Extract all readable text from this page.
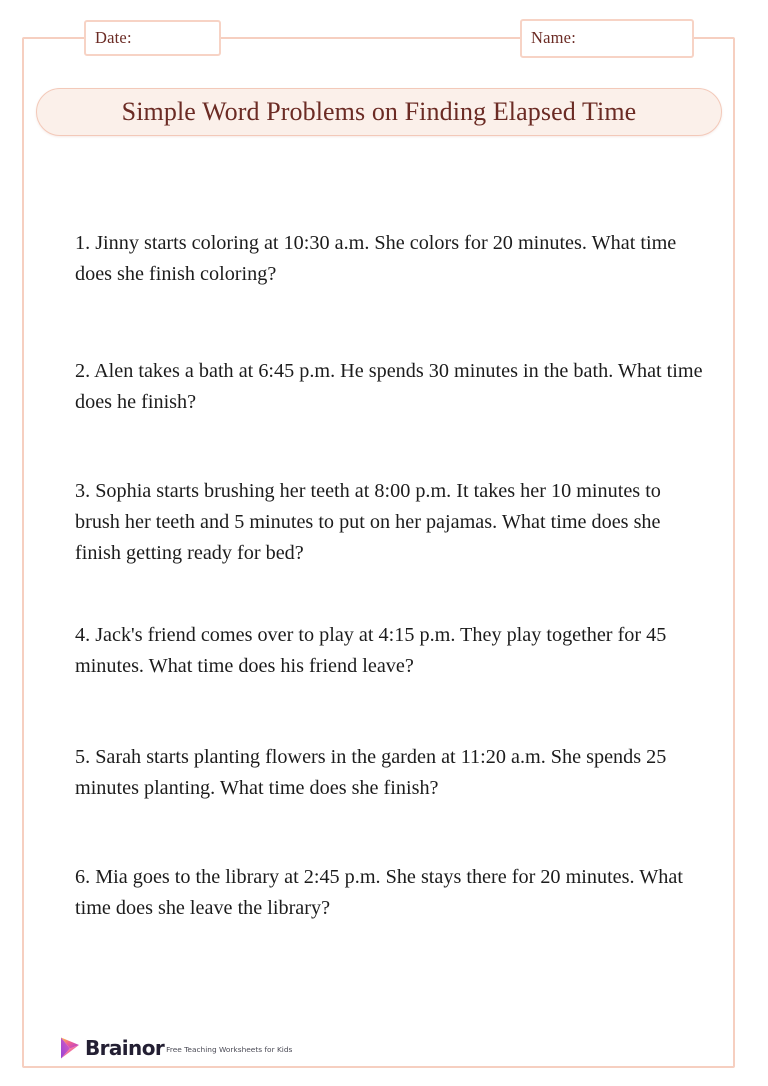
Date:	Name:
Simple Word Problems on Finding Elapsed Time

1. Jinny starts coloring at 10:30 a.m. She colors for 20 minutes. What time does she finish coloring?

2. Alen takes a bath at 6:45 p.m. He spends 30 minutes in the bath. What time does he finish?

3. Sophia starts brushing her teeth at 8:00 p.m. It takes her 10 minutes to brush her teeth and 5 minutes to put on her pajamas. What time does she finish getting ready for bed?

4. Jack's friend comes over to play at 4:15 p.m. They play together for 45 minutes. What time does his friend leave?

5. Sarah starts planting flowers in the garden at 11:20 a.m. She spends 25 minutes planting. What time does she finish?

6. Mia goes to the library at 2:45 p.m. She stays there for 20 minutes. What time does she leave the library?

Brainor Free Teaching Worksheets for Kids
